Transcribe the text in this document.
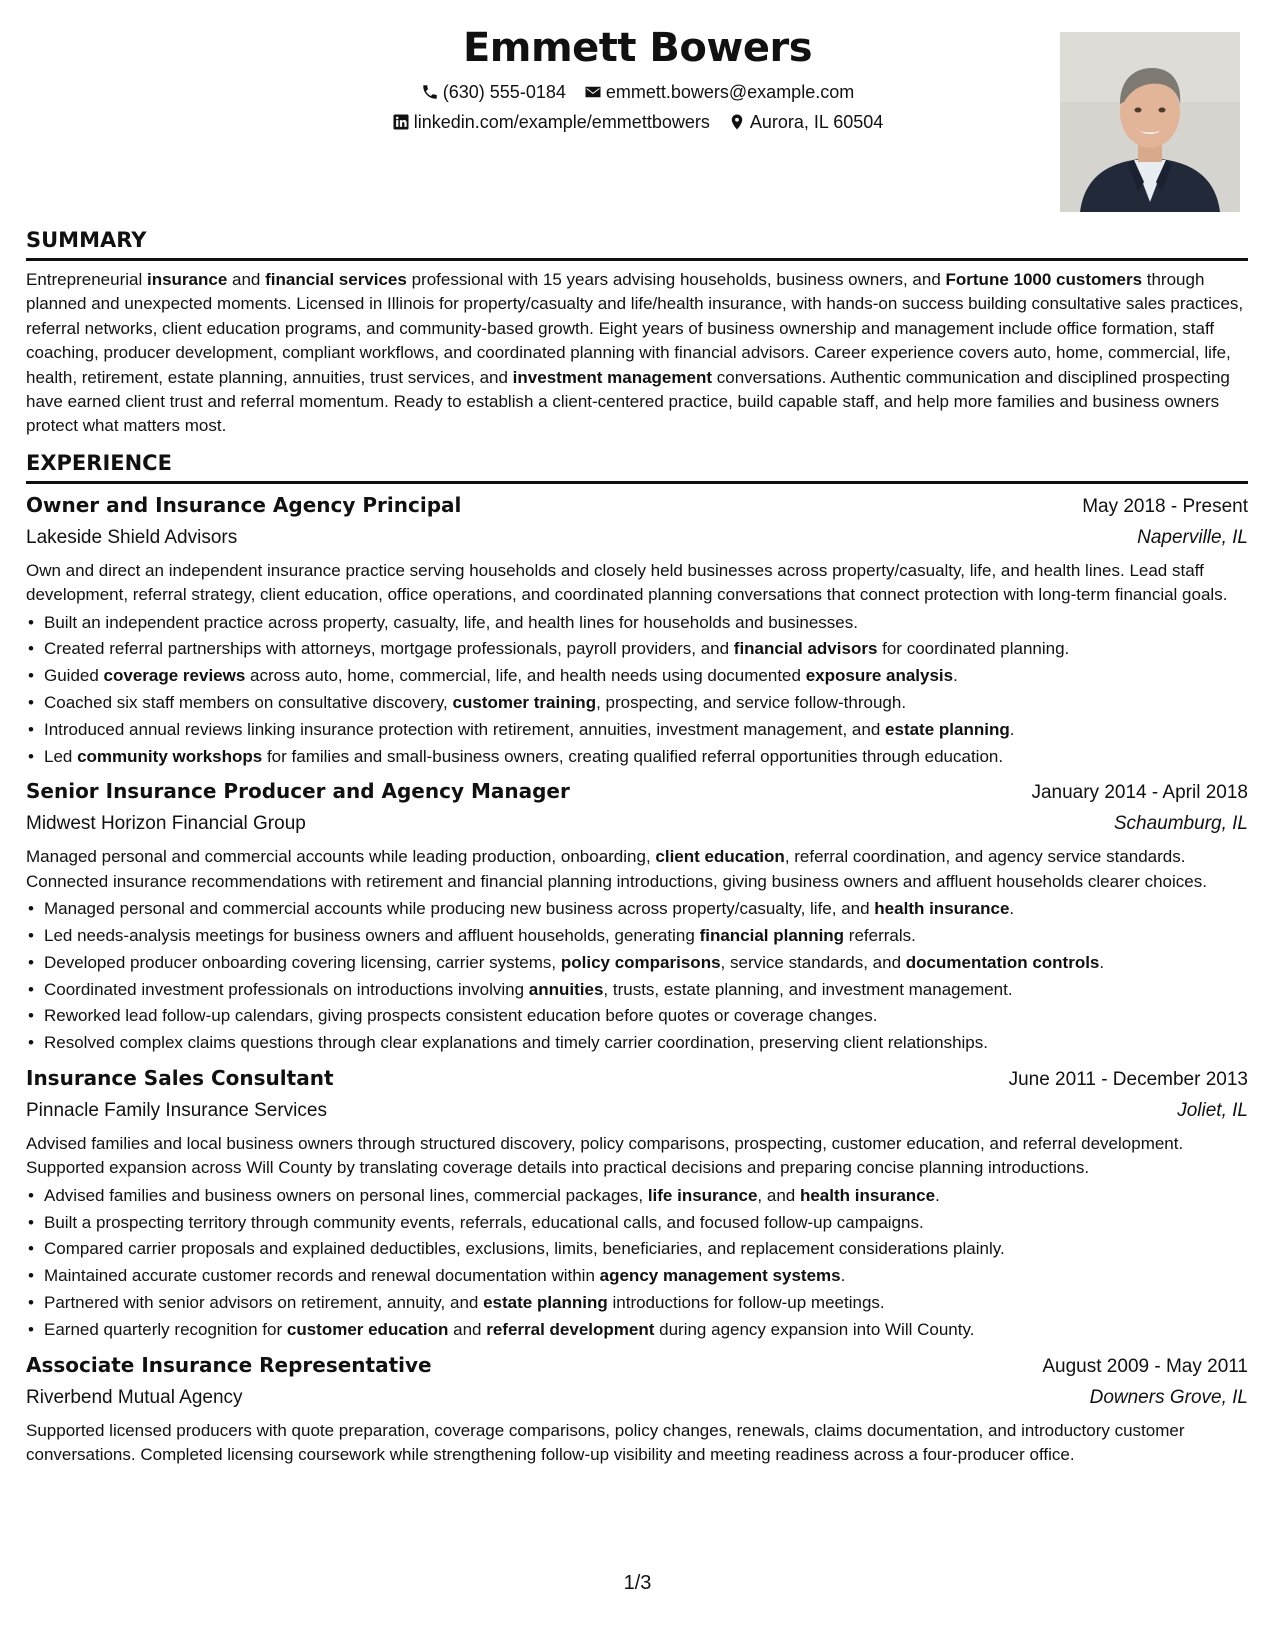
Emmett Bowers
(630) 555-0184 emmett.bowers@example.com
linkedin.com/example/emmettbowers Aurora, IL 60504
SUMMARY

Entrepreneurial insurance and financial services professional with 15 years advising households, business owners, and Fortune 1000 customers through planned and unexpected moments. Licensed in Illinois for property/casualty and life/health insurance, with hands-on success building consultative sales practices, referral networks, client education programs, and community-based growth. Eight years of business ownership and management include office formation, staff coaching, producer development, compliant workflows, and coordinated planning with financial advisors. Career experience covers auto, home, commercial, life, health, retirement, estate planning, annuities, trust services, and investment management conversations. Authentic communication and disciplined prospecting have earned client trust and referral momentum. Ready to establish a client-centered practice, build capable staff, and help more families and business owners protect what matters most.

EXPERIENCE
Owner and Insurance Agency Principal	May 2018 - Present
Lakeside Shield Advisors	Naperville, IL

Own and direct an independent insurance practice serving households and closely held businesses across property/casualty, life, and health lines. Lead staff development, referral strategy, client education, office operations, and coordinated planning conversations that connect protection with long-term financial goals.

• Built an independent practice across property, casualty, life, and health lines for households and businesses.
• Created referral partnerships with attorneys, mortgage professionals, payroll providers, and financial advisors for coordinated planning.
• Guided coverage reviews across auto, home, commercial, life, and health needs using documented exposure analysis.
• Coached six staff members on consultative discovery, customer training, prospecting, and service follow-through.
• Introduced annual reviews linking insurance protection with retirement, annuities, investment management, and estate planning.
• Led community workshops for families and small-business owners, creating qualified referral opportunities through education.
Senior Insurance Producer and Agency Manager	January 2014 - April 2018
Midwest Horizon Financial Group	Schaumburg, IL

Managed personal and commercial accounts while leading production, onboarding, client education, referral coordination, and agency service standards. Connected insurance recommendations with retirement and financial planning introductions, giving business owners and affluent households clearer choices.

• Managed personal and commercial accounts while producing new business across property/casualty, life, and health insurance.
• Led needs-analysis meetings for business owners and affluent households, generating financial planning referrals.
• Developed producer onboarding covering licensing, carrier systems, policy comparisons, service standards, and documentation controls.
• Coordinated investment professionals on introductions involving annuities, trusts, estate planning, and investment management.
• Reworked lead follow-up calendars, giving prospects consistent education before quotes or coverage changes.
• Resolved complex claims questions through clear explanations and timely carrier coordination, preserving client relationships.
Insurance Sales Consultant	June 2011 - December 2013
Pinnacle Family Insurance Services	Joliet, IL

Advised families and local business owners through structured discovery, policy comparisons, prospecting, customer education, and referral development. Supported expansion across Will County by translating coverage details into practical decisions and preparing concise planning introductions.

• Advised families and business owners on personal lines, commercial packages, life insurance, and health insurance.
• Built a prospecting territory through community events, referrals, educational calls, and focused follow-up campaigns.
• Compared carrier proposals and explained deductibles, exclusions, limits, beneficiaries, and replacement considerations plainly.
• Maintained accurate customer records and renewal documentation within agency management systems.
• Partnered with senior advisors on retirement, annuity, and estate planning introductions for follow-up meetings.
• Earned quarterly recognition for customer education and referral development during agency expansion into Will County.
Associate Insurance Representative	August 2009 - May 2011
Riverbend Mutual Agency	Downers Grove, IL

Supported licensed producers with quote preparation, coverage comparisons, policy changes, renewals, claims documentation, and introductory customer conversations. Completed licensing coursework while strengthening follow-up visibility and meeting readiness across a four-producer office.

1/3
